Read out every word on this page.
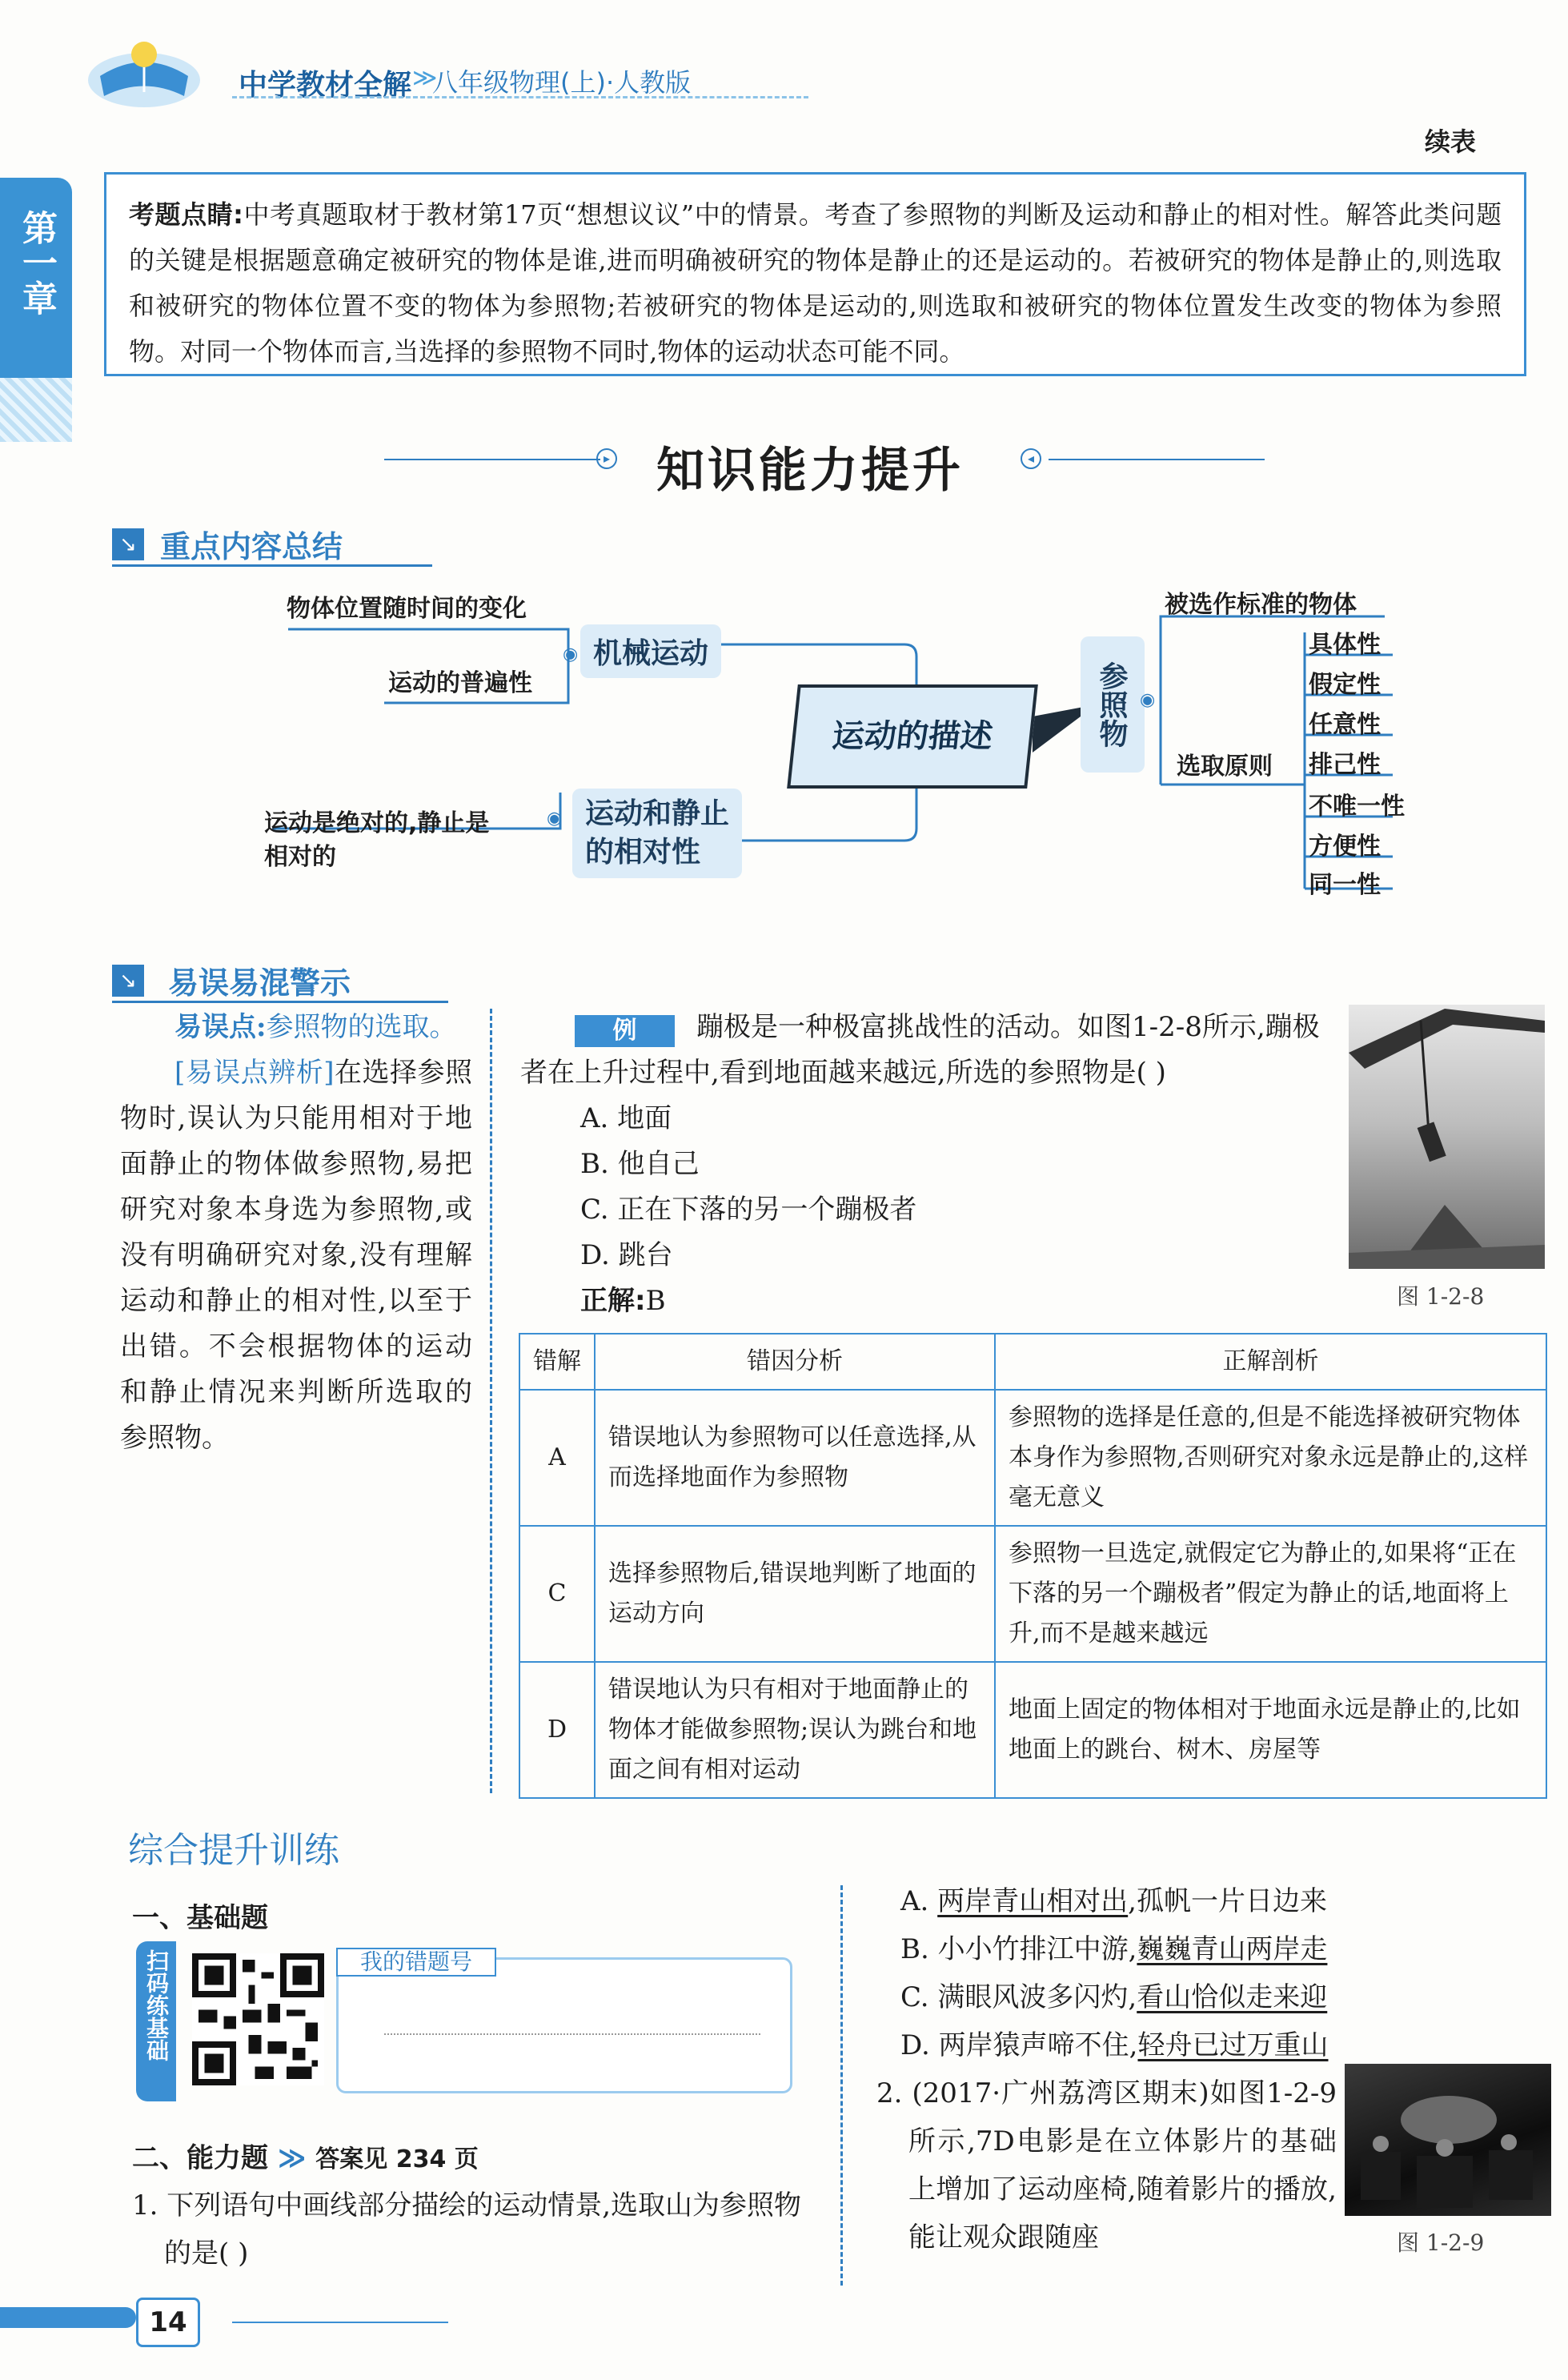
中学教材全解 ≫
八年级物理(上)·人教版
续表
第一章	考题点睛:中考真题取材于教材第17页“想想议议”中的情景。考查了参照物的判断及运动和静止的相对性。解答此类问题的关键是根据题意确定被研究的物体是谁,进而明确被研究的物体是静止的还是运动的。若被研究的物体是静止的,则选取和被研究的物体位置不变的物体为参照物;若被研究的物体是运动的,则选取和被研究的物体位置发生改变的物体为参照物。对同一个物体而言,当选择的参照物不同时,物体的运动状态可能不同。
▸ 知识能力提升	◂
↘ 重点内容总结
物体位置随时间的变化
运动的普遍性
机械运动
◉
运动的描述
运动是绝对的,静止是
相对的
运动和静止
的相对性
◉
参照物 ◉
被选作标准的物体
选取原则
具体性
假定性
任意性
排己性
不唯一性
方便性
同一性
↘ 易误易混警示
易误点:参照物的选取。
[易误点辨析]在选择参照物时,误认为只能用相对于地面静止的物体做参照物,易把研究对象本身选为参照物,或没有明确研究对象,没有理解运动和静止的相对性,以至于出错。不会根据物体的运动和静止情况来判断所选取的参照物。
例	蹦极是一种极富挑战性的活动。如图1-2-8所示,蹦极者在上升过程中,看到地面越来越远,所选的参照物是( )
A. 地面
B. 他自己
C. 正在下落的另一个蹦极者
D. 跳台
正解:B	图 1-2-8
错解	错因分析	正解剖析
A	错误地认为参照物可以任意选择,从而选择地面作为参照物	参照物的选择是任意的,但是不能选择被研究物体本身作为参照物,否则研究对象永远是静止的,这样毫无意义
C	选择参照物后,错误地判断了地面的运动方向	参照物一旦选定,就假定它为静止的,如果将“正在下落的另一个蹦极者”假定为静止的话,地面将上升,而不是越来越远
D	错误地认为只有相对于地面静止的物体才能做参照物;误认为跳台和地面之间有相对运动	地面上固定的物体相对于地面永远是静止的,比如地面上的跳台、树木、房屋等
综合提升训练
一、基础题
扫码练基础	我的错题号
二、能力题 ≫ 答案见 234 页
1. 下列语句中画线部分描绘的运动情景,选取山为参照物的是( )
A. 两岸青山相对出,孤帆一片日边来
B. 小小竹排江中游,巍巍青山两岸走
C. 满眼风波多闪灼,看山恰似走来迎
D. 两岸猿声啼不住,轻舟已过万重山
2. (2017·广州荔湾区期末)如图1-2-9所示,7D电影是在立体影片的基础上增加了运动座椅,随着影片的播放,能让观众跟随座	图 1-2-9
14
